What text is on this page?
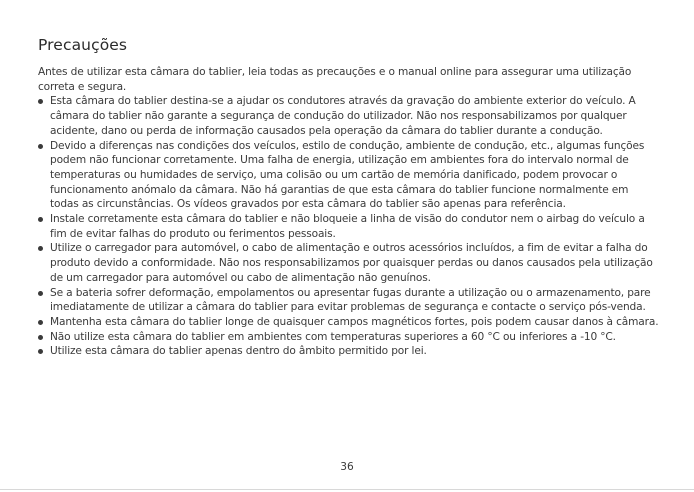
Precauções

Antes de utilizar esta câmara do tablier, leia todas as precauções e o manual online para assegurar uma utilização correta e segura.

Esta câmara do tablier destina-se a ajudar os condutores através da gravação do ambiente exterior do veículo. A câmara do tablier não garante a segurança de condução do utilizador. Não nos responsabilizamos por qualquer acidente, dano ou perda de informação causados pela operação da câmara do tablier durante a condução.
Devido a diferenças nas condições dos veículos, estilo de condução, ambiente de condução, etc., algumas funções podem não funcionar corretamente. Uma falha de energia, utilização em ambientes fora do intervalo normal de temperaturas ou humidades de serviço, uma colisão ou um cartão de memória danificado, podem provocar o funcionamento anómalo da câmara. Não há garantias de que esta câmara do tablier funcione normalmente em todas as circunstâncias. Os vídeos gravados por esta câmara do tablier são apenas para referência.
Instale corretamente esta câmara do tablier e não bloqueie a linha de visão do condutor nem o airbag do veículo a fim de evitar falhas do produto ou ferimentos pessoais.
Utilize o carregador para automóvel, o cabo de alimentação e outros acessórios incluídos, a fim de evitar a falha do produto devido a conformidade. Não nos responsabilizamos por quaisquer perdas ou danos causados pela utilização de um carregador para automóvel ou cabo de alimentação não genuínos.
Se a bateria sofrer deformação, empolamentos ou apresentar fugas durante a utilização ou o armazenamento, pare imediatamente de utilizar a câmara do tablier para evitar problemas de segurança e contacte o serviço pós-venda.
Mantenha esta câmara do tablier longe de quaisquer campos magnéticos fortes, pois podem causar danos à câmara.
Não utilize esta câmara do tablier em ambientes com temperaturas superiores a 60 °C ou inferiores a -10 °C.
Utilize esta câmara do tablier apenas dentro do âmbito permitido por lei.
36
